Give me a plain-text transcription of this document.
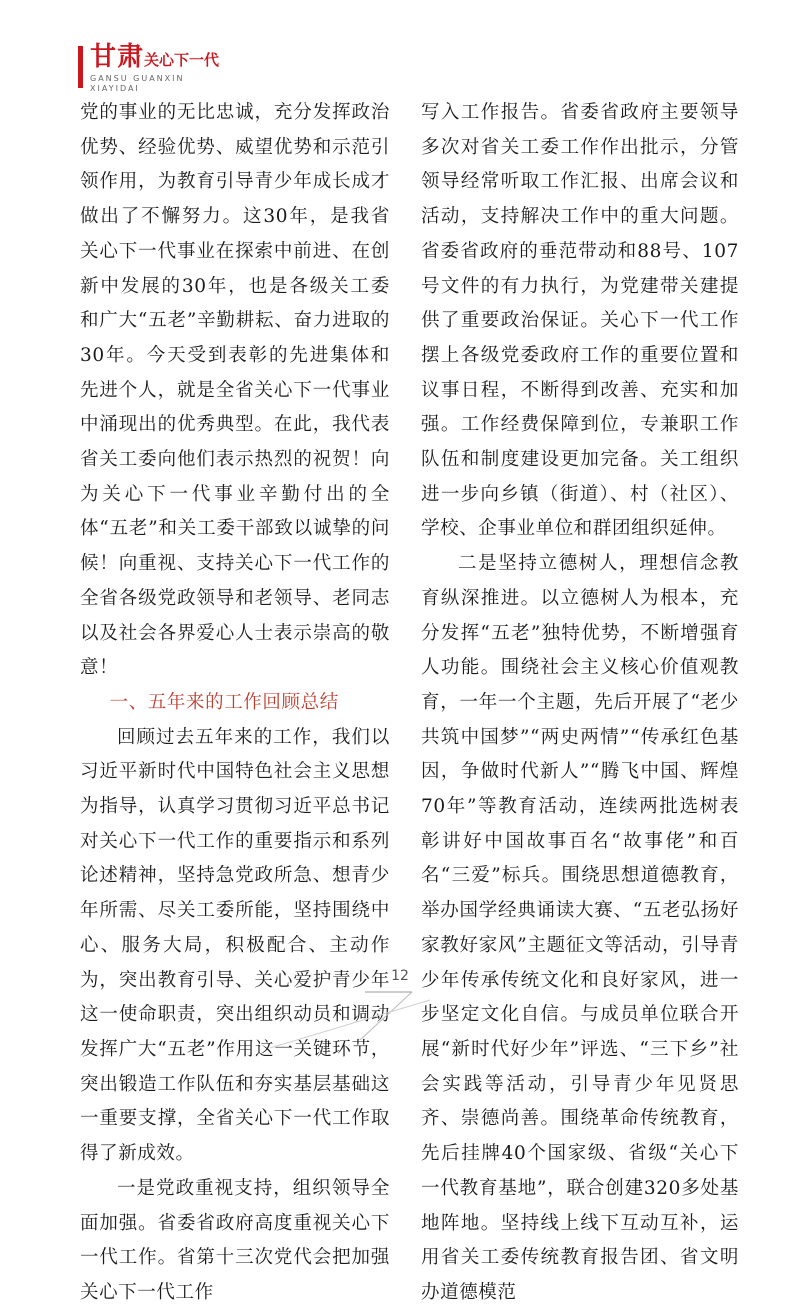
甘肃关心下一代
GANSU GUANXIN
XIAYIDAI

党的事业的无比忠诚，充分发挥政治优势、经验优势、威望优势和示范引领作用，为教育引导青少年成长成才做出了不懈努力。这30年，是我省关心下一代事业在探索中前进、在创新中发展的30年，也是各级关工委和广大“五老”辛勤耕耘、奋力进取的30年。今天受到表彰的先进集体和先进个人，就是全省关心下一代事业中涌现出的优秀典型。在此，我代表省关工委向他们表示热烈的祝贺！向为关心下一代事业辛勤付出的全体“五老”和关工委干部致以诚挚的问候！向重视、支持关心下一代工作的全省各级党政领导和老领导、老同志以及社会各界爱心人士表示崇高的敬意！

一、五年来的工作回顾总结

回顾过去五年来的工作，我们以习近平新时代中国特色社会主义思想为指导，认真学习贯彻习近平总书记对关心下一代工作的重要指示和系列论述精神，坚持急党政所急、想青少年所需、尽关工委所能，坚持围绕中心、服务大局，积极配合、主动作为，突出教育引导、关心爱护青少年这一使命职责，突出组织动员和调动发挥广大“五老”作用这一关键环节，突出锻造工作队伍和夯实基层基础这一重要支撑，全省关心下一代工作取得了新成效。

一是党政重视支持，组织领导全面加强。省委省政府高度重视关心下一代工作。省第十三次党代会把加强关心下一代工作

写入工作报告。省委省政府主要领导多次对省关工委工作作出批示，分管领导经常听取工作汇报、出席会议和活动，支持解决工作中的重大问题。省委省政府的垂范带动和88号、107号文件的有力执行，为党建带关建提供了重要政治保证。关心下一代工作摆上各级党委政府工作的重要位置和议事日程，不断得到改善、充实和加强。工作经费保障到位，专兼职工作队伍和制度建设更加完备。关工组织进一步向乡镇（街道）、村（社区）、学校、企事业单位和群团组织延伸。

二是坚持立德树人，理想信念教育纵深推进。以立德树人为根本，充分发挥“五老”独特优势，不断增强育人功能。围绕社会主义核心价值观教育，一年一个主题，先后开展了“老少共筑中国梦”“两史两情”“传承红色基因，争做时代新人”“腾飞中国、辉煌70年”等教育活动，连续两批选树表彰讲好中国故事百名“故事佬”和百名“三爱”标兵。围绕思想道德教育，举办国学经典诵读大赛、“五老弘扬好家教好家风”主题征文等活动，引导青少年传承传统文化和良好家风，进一步坚定文化自信。与成员单位联合开展“新时代好少年”评选、“三下乡”社会实践等活动，引导青少年见贤思齐、崇德尚善。围绕革命传统教育，先后挂牌40个国家级、省级“关心下一代教育基地”，联合创建320多处基地阵地。坚持线上线下互动互补，运用省关工委传统教育报告团、省文明办道德模范

12
